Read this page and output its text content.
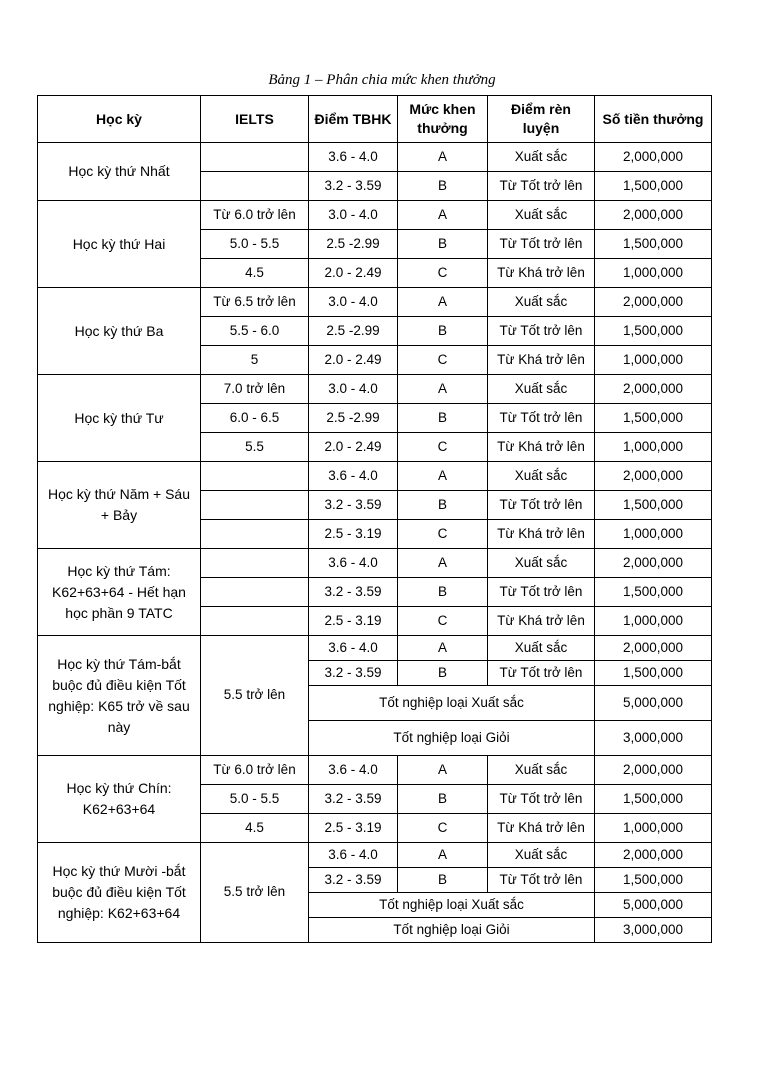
Bảng 1 – Phân chia mức khen thưởng
Học kỳ	IELTS	Điểm TBHK	Mức khen thưởng	Điểm rèn luyện	Số tiền thưởng
Học kỳ thứ Nhất		3.6 - 4.0	A	Xuất sắc	2,000,000
		3.2 - 3.59	B	Từ Tốt trở lên	1,500,000
Học kỳ thứ Hai	Từ 6.0 trở lên	3.0 - 4.0	A	Xuất sắc	2,000,000
	5.0 - 5.5	2.5 -2.99	B	Từ Tốt trở lên	1,500,000
	4.5	2.0 - 2.49	C	Từ Khá trở lên	1,000,000
Học kỳ thứ Ba	Từ 6.5 trở lên	3.0 - 4.0	A	Xuất sắc	2,000,000
	5.5 - 6.0	2.5 -2.99	B	Từ Tốt trở lên	1,500,000
	5	2.0 - 2.49	C	Từ Khá trở lên	1,000,000
Học kỳ thứ Tư	7.0 trở lên	3.0 - 4.0	A	Xuất sắc	2,000,000
	6.0 - 6.5	2.5 -2.99	B	Từ Tốt trở lên	1,500,000
	5.5	2.0 - 2.49	C	Từ Khá trở lên	1,000,000
Học kỳ thứ Năm + Sáu + Bảy		3.6 - 4.0	A	Xuất sắc	2,000,000
		3.2 - 3.59	B	Từ Tốt trở lên	1,500,000
		2.5 - 3.19	C	Từ Khá trở lên	1,000,000
Học kỳ thứ Tám: K62+63+64 - Hết hạn học phần 9 TATC		3.6 - 4.0	A	Xuất sắc	2,000,000
		3.2 - 3.59	B	Từ Tốt trở lên	1,500,000
		2.5 - 3.19	C	Từ Khá trở lên	1,000,000
Học kỳ thứ Tám-bắt buộc đủ điều kiện Tốt nghiệp: K65 trở về sau này	5.5 trở lên	3.6 - 4.0	A	Xuất sắc	2,000,000
		3.2 - 3.59	B	Từ Tốt trở lên	1,500,000
		Tốt nghiệp loại Xuất sắc			5,000,000
		Tốt nghiệp loại Giỏi			3,000,000
Học kỳ thứ Chín: K62+63+64	Từ 6.0 trở lên	3.6 - 4.0	A	Xuất sắc	2,000,000
	5.0 - 5.5	3.2 - 3.59	B	Từ Tốt trở lên	1,500,000
	4.5	2.5 - 3.19	C	Từ Khá trở lên	1,000,000
Học kỳ thứ Mười -bắt buộc đủ điều kiện Tốt nghiệp: K62+63+64	5.5 trở lên	3.6 - 4.0	A	Xuất sắc	2,000,000
		3.2 - 3.59	B	Từ Tốt trở lên	1,500,000
		Tốt nghiệp loại Xuất sắc			5,000,000
		Tốt nghiệp loại Giỏi			3,000,000
